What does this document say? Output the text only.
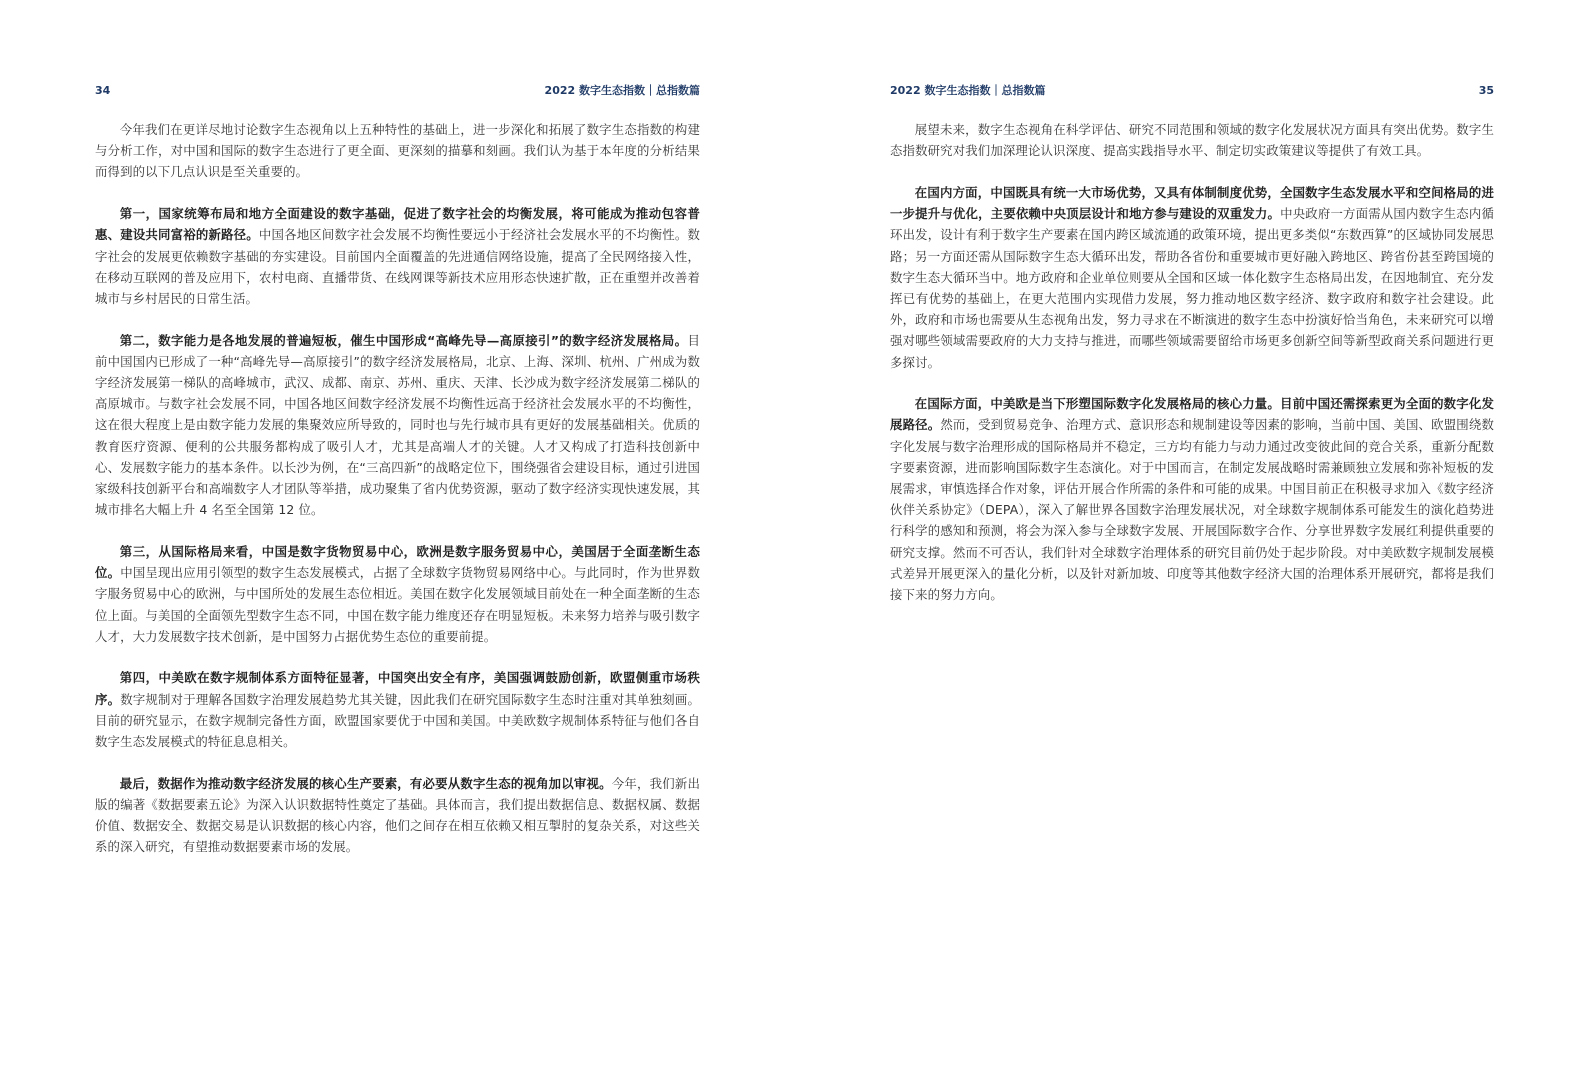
34	2022 数字生态指数｜总指数篇

今年我们在更详尽地讨论数字生态视角以上五种特性的基础上，进一步深化和拓展了数字生态指数的构建与分析工作，对中国和国际的数字生态进行了更全面、更深刻的描摹和刻画。我们认为基于本年度的分析结果而得到的以下几点认识是至关重要的。

第一，国家统筹布局和地方全面建设的数字基础，促进了数字社会的均衡发展，将可能成为推动包容普惠、建设共同富裕的新路径。中国各地区间数字社会发展不均衡性要远小于经济社会发展水平的不均衡性。数字社会的发展更依赖数字基础的夯实建设。目前国内全面覆盖的先进通信网络设施，提高了全民网络接入性，在移动互联网的普及应用下，农村电商、直播带货、在线网课等新技术应用形态快速扩散，正在重塑并改善着城市与乡村居民的日常生活。

第二，数字能力是各地发展的普遍短板，催生中国形成“高峰先导—高原接引”的数字经济发展格局。目前中国国内已形成了一种“高峰先导—高原接引”的数字经济发展格局，北京、上海、深圳、杭州、广州成为数字经济发展第一梯队的高峰城市，武汉、成都、南京、苏州、重庆、天津、长沙成为数字经济发展第二梯队的高原城市。与数字社会发展不同，中国各地区间数字经济发展不均衡性远高于经济社会发展水平的不均衡性，这在很大程度上是由数字能力发展的集聚效应所导致的，同时也与先行城市具有更好的发展基础相关。优质的教育医疗资源、便利的公共服务都构成了吸引人才，尤其是高端人才的关键。人才又构成了打造科技创新中心、发展数字能力的基本条件。以长沙为例，在“三高四新”的战略定位下，围绕强省会建设目标，通过引进国家级科技创新平台和高端数字人才团队等举措，成功聚集了省内优势资源，驱动了数字经济实现快速发展，其城市排名大幅上升 4 名至全国第 12 位。

第三，从国际格局来看，中国是数字货物贸易中心，欧洲是数字服务贸易中心，美国居于全面垄断生态位。中国呈现出应用引领型的数字生态发展模式，占据了全球数字货物贸易网络中心。与此同时，作为世界数字服务贸易中心的欧洲，与中国所处的发展生态位相近。美国在数字化发展领域目前处在一种全面垄断的生态位上面。与美国的全面领先型数字生态不同，中国在数字能力维度还存在明显短板。未来努力培养与吸引数字人才，大力发展数字技术创新，是中国努力占据优势生态位的重要前提。

第四，中美欧在数字规制体系方面特征显著，中国突出安全有序，美国强调鼓励创新，欧盟侧重市场秩序。数字规制对于理解各国数字治理发展趋势尤其关键，因此我们在研究国际数字生态时注重对其单独刻画。目前的研究显示，在数字规制完备性方面，欧盟国家要优于中国和美国。中美欧数字规制体系特征与他们各自数字生态发展模式的特征息息相关。

最后，数据作为推动数字经济发展的核心生产要素，有必要从数字生态的视角加以审视。今年，我们新出版的编著《数据要素五论》为深入认识数据特性奠定了基础。具体而言，我们提出数据信息、数据权属、数据价值、数据安全、数据交易是认识数据的核心内容，他们之间存在相互依赖又相互掣肘的复杂关系，对这些关系的深入研究，有望推动数据要素市场的发展。

2022 数字生态指数｜总指数篇	35

展望未来，数字生态视角在科学评估、研究不同范围和领域的数字化发展状况方面具有突出优势。数字生态指数研究对我们加深理论认识深度、提高实践指导水平、制定切实政策建议等提供了有效工具。

在国内方面，中国既具有统一大市场优势，又具有体制制度优势，全国数字生态发展水平和空间格局的进一步提升与优化，主要依赖中央顶层设计和地方参与建设的双重发力。中央政府一方面需从国内数字生态内循环出发，设计有利于数字生产要素在国内跨区域流通的政策环境，提出更多类似“东数西算”的区域协同发展思路；另一方面还需从国际数字生态大循环出发，帮助各省份和重要城市更好融入跨地区、跨省份甚至跨国境的数字生态大循环当中。地方政府和企业单位则要从全国和区域一体化数字生态格局出发，在因地制宜、充分发挥已有优势的基础上，在更大范围内实现借力发展，努力推动地区数字经济、数字政府和数字社会建设。此外，政府和市场也需要从生态视角出发，努力寻求在不断演进的数字生态中扮演好恰当角色，未来研究可以增强对哪些领域需要政府的大力支持与推进，而哪些领域需要留给市场更多创新空间等新型政商关系问题进行更多探讨。

在国际方面，中美欧是当下形塑国际数字化发展格局的核心力量。目前中国还需探索更为全面的数字化发展路径。然而，受到贸易竞争、治理方式、意识形态和规制建设等因素的影响，当前中国、美国、欧盟围绕数字化发展与数字治理形成的国际格局并不稳定，三方均有能力与动力通过改变彼此间的竞合关系，重新分配数字要素资源，进而影响国际数字生态演化。对于中国而言，在制定发展战略时需兼顾独立发展和弥补短板的发展需求，审慎选择合作对象，评估开展合作所需的条件和可能的成果。中国目前正在积极寻求加入《数字经济伙伴关系协定》（DEPA），深入了解世界各国数字治理发展状况，对全球数字规制体系可能发生的演化趋势进行科学的感知和预测，将会为深入参与全球数字发展、开展国际数字合作、分享世界数字发展红利提供重要的研究支撑。然而不可否认，我们针对全球数字治理体系的研究目前仍处于起步阶段。对中美欧数字规制发展模式差异开展更深入的量化分析，以及针对新加坡、印度等其他数字经济大国的治理体系开展研究，都将是我们接下来的努力方向。
